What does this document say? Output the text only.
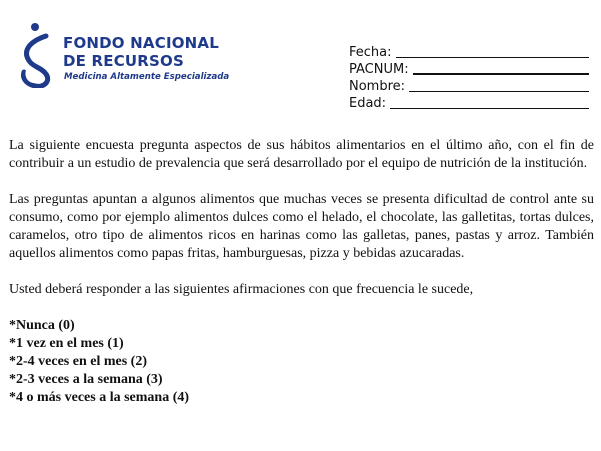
FONDO NACIONAL
DE RECURSOS
Medicina Altamente Especializada
Fecha:
PACNUM:
Nombre:
Edad:

La siguiente encuesta pregunta aspectos de sus hábitos alimentarios en el último año, con el fin de contribuir a un estudio de prevalencia que será desarrollado por el equipo de nutrición de la institución.

Las preguntas apuntan a algunos alimentos que muchas veces se presenta dificultad de control ante su consumo, como por ejemplo alimentos dulces como el helado, el chocolate, las galletitas, tortas dulces, caramelos, otro tipo de alimentos ricos en harinas como las galletas, panes, pastas y arroz. También aquellos alimentos como papas fritas, hamburguesas, pizza y bebidas azucaradas.

Usted deberá responder a las siguientes afirmaciones con que frecuencia le sucede,

*Nunca (0)

*1 vez en el mes (1)

*2-4 veces en el mes (2)

*2-3 veces a la semana (3)

*4 o más veces a la semana (4)
